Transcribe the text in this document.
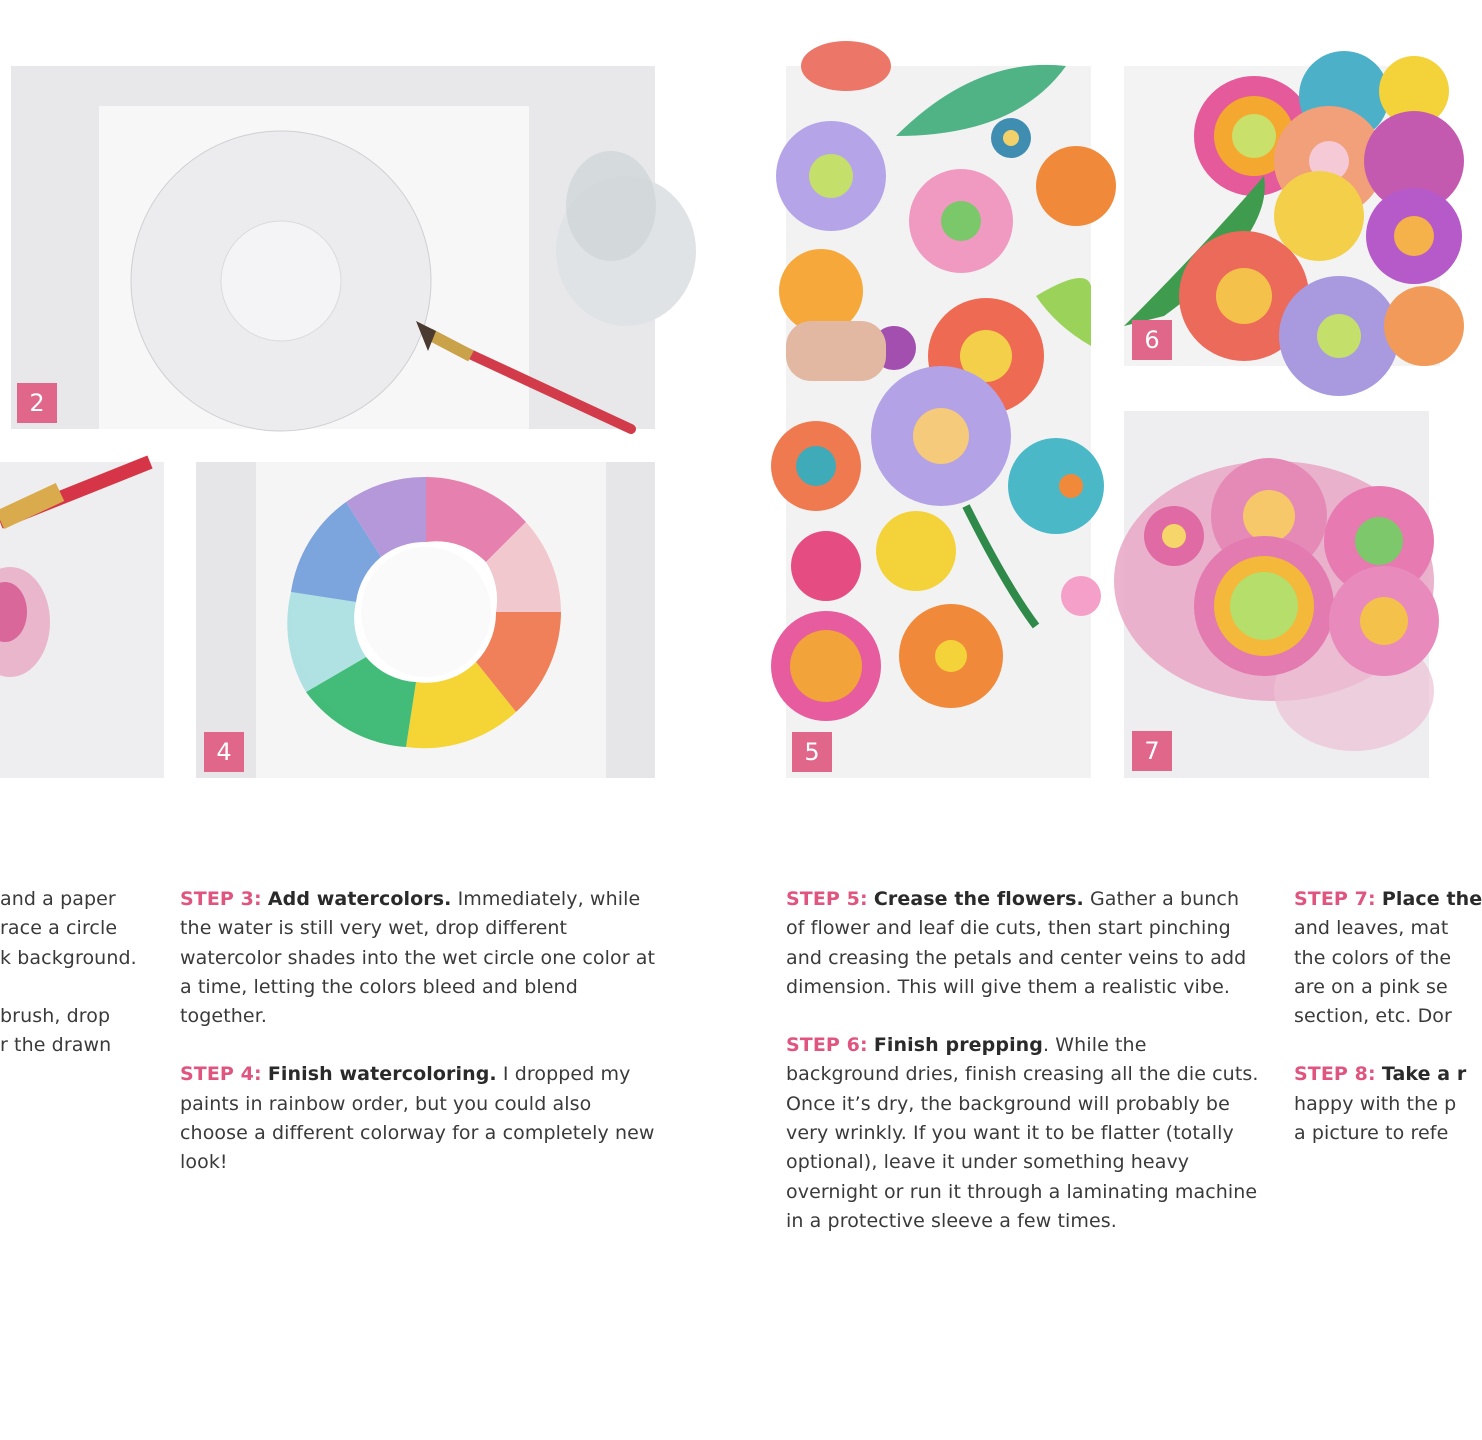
2
4	5
6
7
and a paper
race a circle
k background.
brush, drop
r the drawn

STEP 3: Add watercolors. Immediately, while the water is still very wet, drop different watercolor shades into the wet circle one color at a time, letting the colors bleed and blend together.

STEP 4: Finish watercoloring. I dropped my paints in rainbow order, but you could also choose a different colorway for a completely new look!

STEP 5: Crease the flowers. Gather a bunch of flower and leaf die cuts, then start pinching and creasing the petals and center veins to add dimension. This will give them a realistic vibe.

STEP 6: Finish prepping. While the background dries, finish creasing all the die cuts. Once it’s dry, the background will probably be very wrinkly. If you want it to be flatter (totally optional), leave it under something heavy overnight or run it through a laminating machine in a protective sleeve a few times.

STEP 7: Place the
and leaves, mat
the colors of the
are on a pink se
section, etc. Dor
STEP 8: Take a r
happy with the p
a picture to refe
